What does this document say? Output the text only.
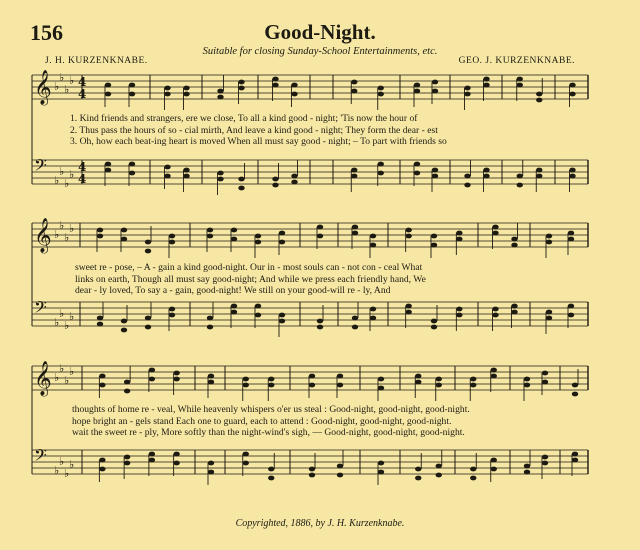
156	Good-Night.
Suitable for closing Sunday-School Entertainments, etc.
J. H. KURZENKNABE.	GEO. J. KURZENKNABE.
𝄞 ♭
♭
♭
♭ 4
4
𝄢
♭
♭
♭
♭
4
4
𝄞 ♭
♭
♭
♭
𝄢
♭
♭
♭
♭
𝄞 ♭
♭
♭
♭
𝄢
♭
♭
♭
♭
1. Kind friends and strangers, ere we close, To all a kind good - night; 'Tis now the hour of
2. Thus pass the hours of so - cial mirth, And leave a kind good - night; They form the dear - est
3. Oh, how each beat-ing heart is moved When all must say good - night; – To part with friends so
sweet re - pose, – A - gain a kind good-night. Our in - most souls can - not con - ceal What
links on earth, Though all must say good-night; And while we press each friendly hand, We
dear - ly loved, To say a - gain, good-night! We still on your good-will re - ly, And
thoughts of home re - veal, While heavenly whispers o'er us steal : Good-night, good-night, good-night.
hope bright an - gels stand Each one to guard, each to attend : Good-night, good-night, good-night.
wait the sweet re - ply, More softly than the night-wind's sigh, — Good-night, good-night, good-night.
Copyrighted, 1886, by J. H. Kurzenknabe.
